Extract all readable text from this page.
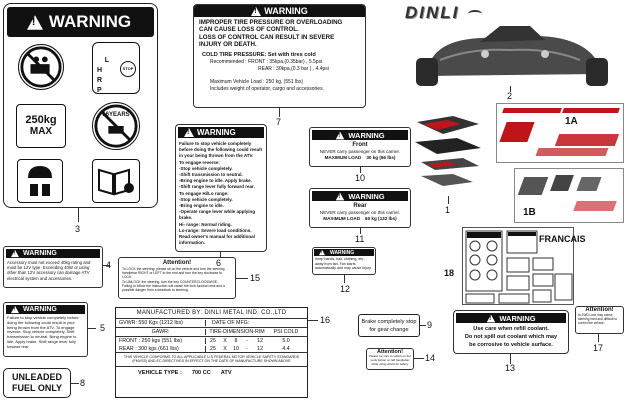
!
WARNING

L
H
R
P

STOP

250kg
MAX
16YEARS
!
WARNING
IMPROPER TIRE PRESSURE OR OVERLOADING
CAN CAUSE LOSS OF CONTROL.
LOSS OF CONTROL CAN RESULT IN SEVERE
INJURY OR DEATH.
COLD TIRE PRESSURE: Set with tires cold
Recommended : FRONT : 35kpa,(0.35bar) , 5.5psi
REAR : 30kpa,(0.3 bar ) , 4.4psi
Maximum Vehicle Load : 250 kg, (551 lbs)
Includes weight of operator, cargo and accessories.
DINLI
!
WARNING
Accessory must not exceed 40kg rating and must be 12V type. Exceeding 40W or using other than 12V accessory can damage ATV electrical system and accessories.
!
WARNING
Failure to stop vehicle completely before doing the following could result in your being thrown from the ATV. To engage reverse: Stop vehicle completely. Shift transmission to neutral. Bring engine to idle. Apply brake. Shift range lever fully forward rear.
UNLEADED
FUEL ONLY
!
WARNING
Failure to stop vehicle completely before doing the following could result in your being thrown from the ATV.
To engage reverse:
-Stop vehicle completely.
-Shift transmission to neutral.
-Bring engine to idle. Apply brake.
-Shift range lever fully forward rear.
To engage Hi/Lo range:
-Stop vehicle completely.
-Bring engine to idle.
-Operate range lever while applying brake.
Hi- range: Normal riding.
Lo-range: Severe load conditions.
Read owner's manual for additional information.
Attention!
To LOCK the steering, please sit on the vehicle and turn the steering handlebar RIGHT or LEFT to the end and turn the key clockwise to LOCK.
To UNLOCK the steering, turn the key COUNTERCLOCKWISE.
Failing to follow the instruction will cause the lock function less and a possible danger from a deadlock to steering.
MANUFACTURED BY: DINLI METAL IND. CO.,LTD
GVWR: 550 Kgs (1212 lbs)	DATE OF MFG:
GAWR:	TIRE-DIMENSION-RIM	PSI COLD
FRONT : 250 kgs (551 lbs)	25	X	8	-	12	5.0
REAR : 300 kgs (661 lbs)	25	X	10	-	12	4.4
THIS VEHICLE CONFORMS TO ALL APPLICABLE U.S FEDERAL MOTOR VEHICLE SAFETY STANDARDS (FMVSS) AND EC DIRECTIVES IN EFFECT ON THE DATE OF MANUFACTURE SHOWN ABOVE
VEHICLE TYPE : 700 CC ATV
!
WARNING
Front
NEVER carry passenger on this carrier.
MAXIMUM LOAD 30 kg (66 lbs)
!
WARNING
Rear
NEVER carry passenger on this carrier.
MAXIMUM LOAD 60 kg (132 lbs)
!
WARNING
Keep hands, hair, clothing, etc., away from fan. Fan starts automatically and may cause injury.
Brake completely stop
for gear change
Attention!
Please be sure to switch on the Lock button on left handlebar while using winch for safety.
!
WARNING
Use care when refill coolant.
Do not spill out coolant which may
be corrosive to vehicle surface.
Attention!
In 2WD Lock may cause steering hard and difficult to control the vehicle.
FRANCAIS
1A
1B
1
2
3
4
5
6
7
8
9
10
11
12
13
14
15
16
17
18
